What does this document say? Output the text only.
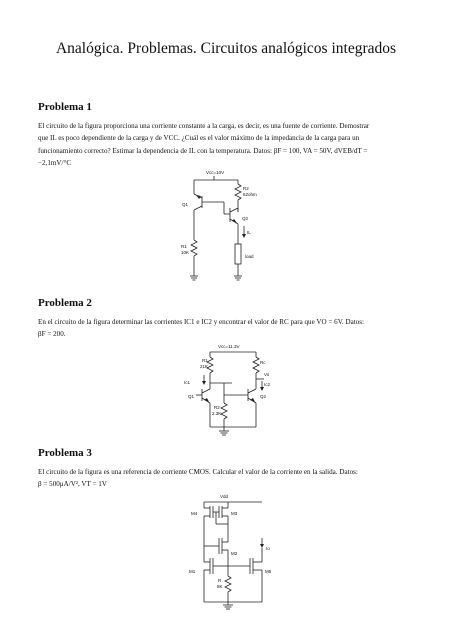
Analógica. Problemas. Circuitos analógicos integrados
Problema 1
El circuito de la figura proporciona una corriente constante a la carga, es decir, es una fuente de corriente. Demostrar
que IL es poco dependiente de la carga y de VCC. ¿Cuál es el valor máximo de la impedancia de la carga para un
funcionamiento correcto? Estimar la dependencia de IL con la temperatura. Datos: βF = 100, VA = 50V, dVEB/dT =
−2,1mV/°C
Vcc=10V
R2
62ohm
Q1
Q2
IL
R1
10K
load
Problema 2
En el circuito de la figura determinar las corrientes IC1 e IC2 y encontrar el valor de RC para que VO = 6V. Datos:
βF = 200.
Vcc=11.3V
R1
21K
Rc
Vo
Ic1	Ic2
Q1	Q2
R2
2.3K
Problema 3
El circuito de la figura es una referencia de corriente CMOS. Calcular el valor de la corriente en la salida. Datos:
β = 500μA/V², VT = 1V
Vdd
M4	M3
M2
Io
M1	M5
R
8K
